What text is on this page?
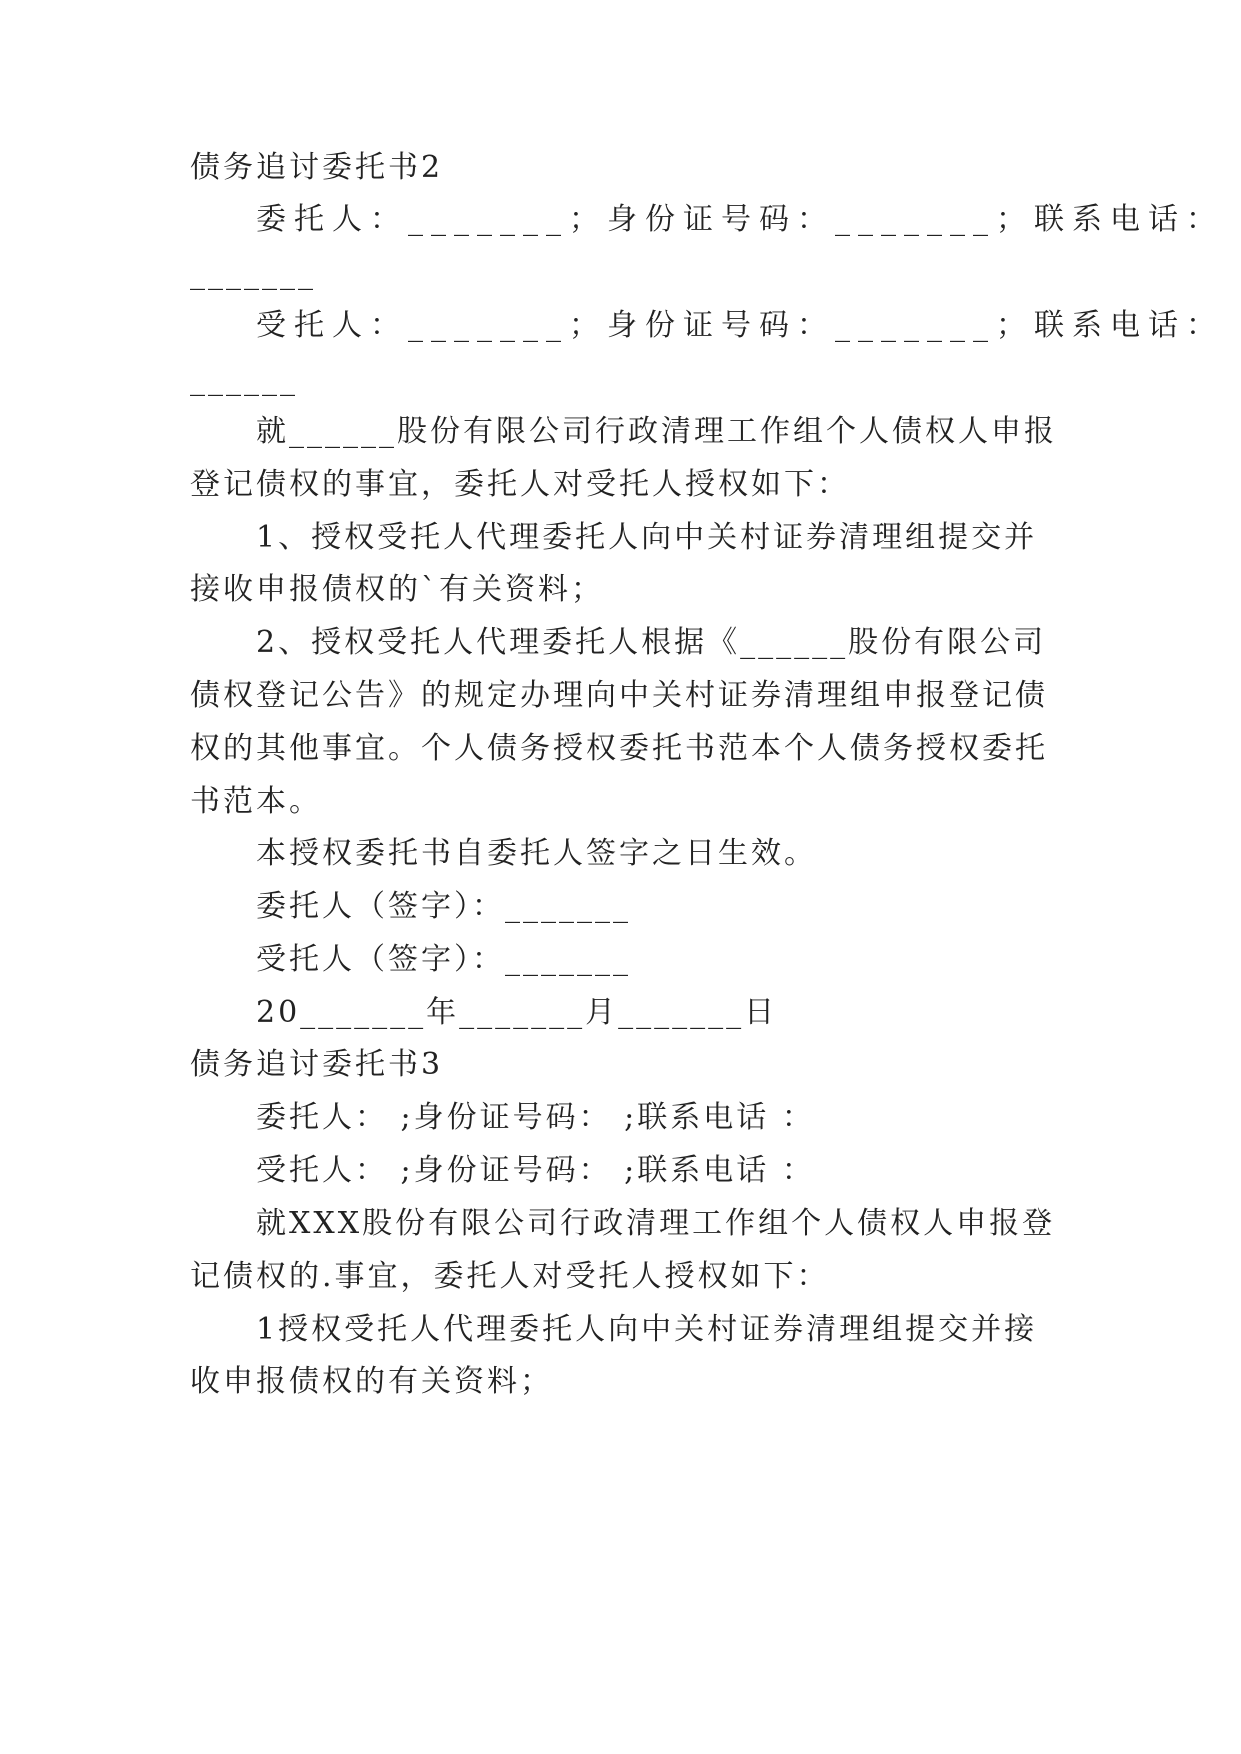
债务追讨委托书2
委托人：_______；身份证号码：_______；联系电话：
_______
受托人：_______；身份证号码：_______；联系电话：
______
就______股份有限公司行政清理工作组个人债权人申报
登记债权的事宜，委托人对受托人授权如下：
1、授权受托人代理委托人向中关村证券清理组提交并
接收申报债权的`有关资料；
2、授权受托人代理委托人根据《______股份有限公司
债权登记公告》的规定办理向中关村证券清理组申报登记债
权的其他事宜。个人债务授权委托书范本个人债务授权委托
书范本。
本授权委托书自委托人签字之日生效。
委托人（签字）：_______
受托人（签字）：_______
20_______年_______月_______日
债务追讨委托书3
委托人： ;身份证号码： ;联系电话 ：
受托人： ;身份证号码： ;联系电话 ：
就XXX股份有限公司行政清理工作组个人债权人申报登
记债权的.事宜，委托人对受托人授权如下：
1授权受托人代理委托人向中关村证券清理组提交并接
收申报债权的有关资料；
